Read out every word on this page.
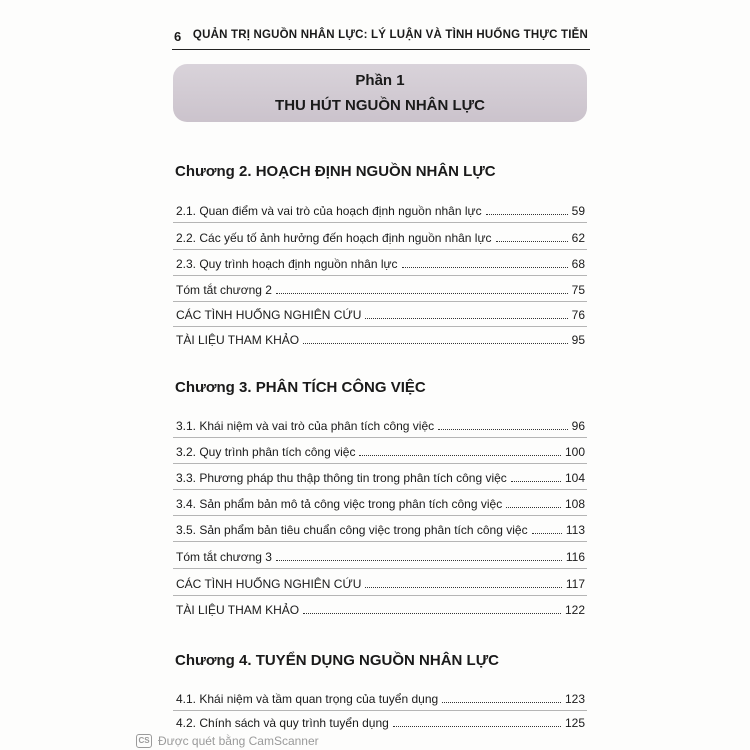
6 QUẢN TRỊ NGUỒN NHÂN LỰC: LÝ LUẬN VÀ TÌNH HUỐNG THỰC TIỄN
Phần 1
THU HÚT NGUỒN NHÂN LỰC
Chương 2. HOẠCH ĐỊNH NGUỒN NHÂN LỰC
2.1. Quan điểm và vai trò của hoạch định nguồn nhân lực	59
2.2. Các yếu tố ảnh hưởng đến hoạch định nguồn nhân lực	62
2.3. Quy trình hoạch định nguồn nhân lực	68
Tóm tắt chương 2	75
CÁC TÌNH HUỐNG NGHIÊN CỨU	76
TÀI LIỆU THAM KHẢO	95
Chương 3. PHÂN TÍCH CÔNG VIỆC
3.1. Khái niệm và vai trò của phân tích công việc	96
3.2. Quy trình phân tích công việc	100
3.3. Phương pháp thu thập thông tin trong phân tích công việc	104
3.4. Sản phẩm bản mô tả công việc trong phân tích công việc	108
3.5. Sản phẩm bản tiêu chuẩn công việc trong phân tích công việc	113
Tóm tắt chương 3	116
CÁC TÌNH HUỐNG NGHIÊN CỨU	117
TÀI LIỆU THAM KHẢO	122
Chương 4. TUYỂN DỤNG NGUỒN NHÂN LỰC
4.1. Khái niệm và tầm quan trọng của tuyển dụng	123
4.2. Chính sách và quy trình tuyển dụng	125
CS Được quét bằng CamScanner
